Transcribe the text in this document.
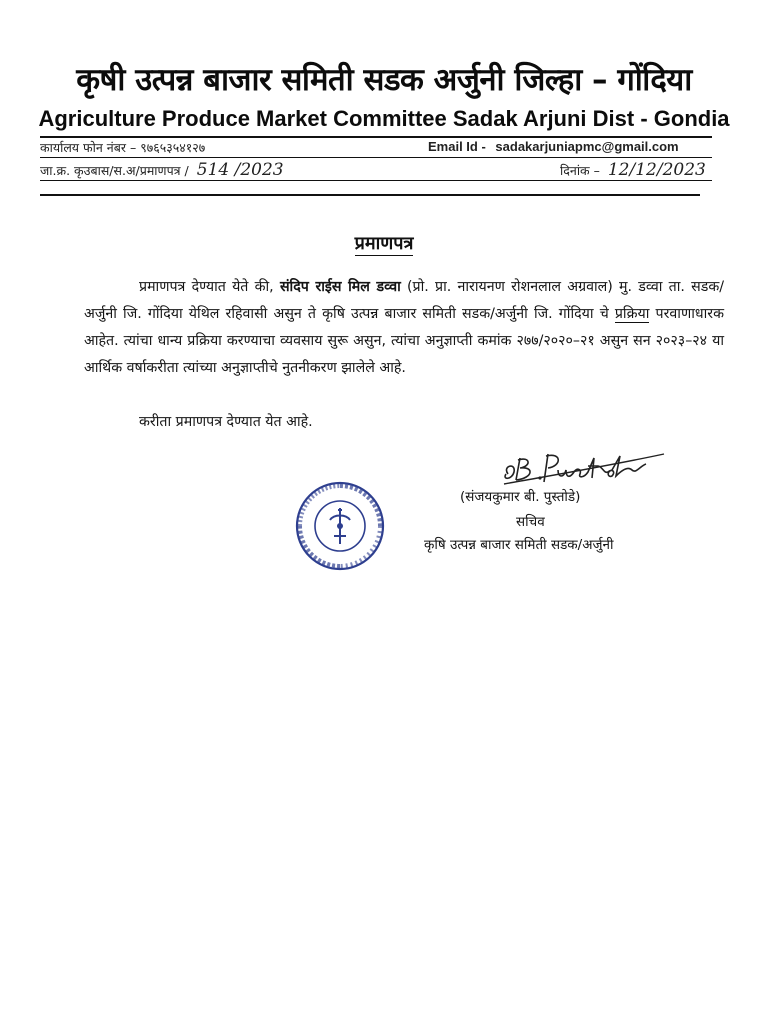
कृषी उत्पन्न बाजार समिती सडक अर्जुनी जिल्हा – गोंदिया
Agriculture Produce Market Committee Sadak Arjuni Dist - Gondia
कार्यालय फोन नंबर – ९७६५३५४१२७	Email Id - sadakarjuniapmc@gmail.com
जा.क्र. कृउबास/स.अ/प्रमाणपत्र / 514 /2023	दिनांक – 12/12/2023
प्रमाणपत्र

प्रमाणपत्र देण्यात येते की, संदिप राईस मिल डव्वा (प्रो. प्रा. नारायनण रोशनलाल अग्रवाल) मु. डव्वा ता. सडक/अर्जुनी जि. गोंदिया येथिल रहिवासी असुन ते कृषि उत्पन्न बाजार समिती सडक/अर्जुनी जि. गोंदिया चे प्रक्रिया परवाणाधारक आहेत. त्यांचा धान्य प्रक्रिया करण्याचा व्यवसाय सुरू असुन, त्यांचा अनुज्ञाप्ती कमांक २७७/२०२०–२१ असुन सन २०२३–२४ या आर्थिक वर्षाकरीता त्यांच्या अनुज्ञाप्तीचे नुतनीकरण झालेले आहे.

करीता प्रमाणपत्र देण्यात येत आहे.
(संजयकुमार बी. पुस्तोडे)
सचिव
कृषि उत्पन्न बाजार समिती सडक/अर्जुनी
